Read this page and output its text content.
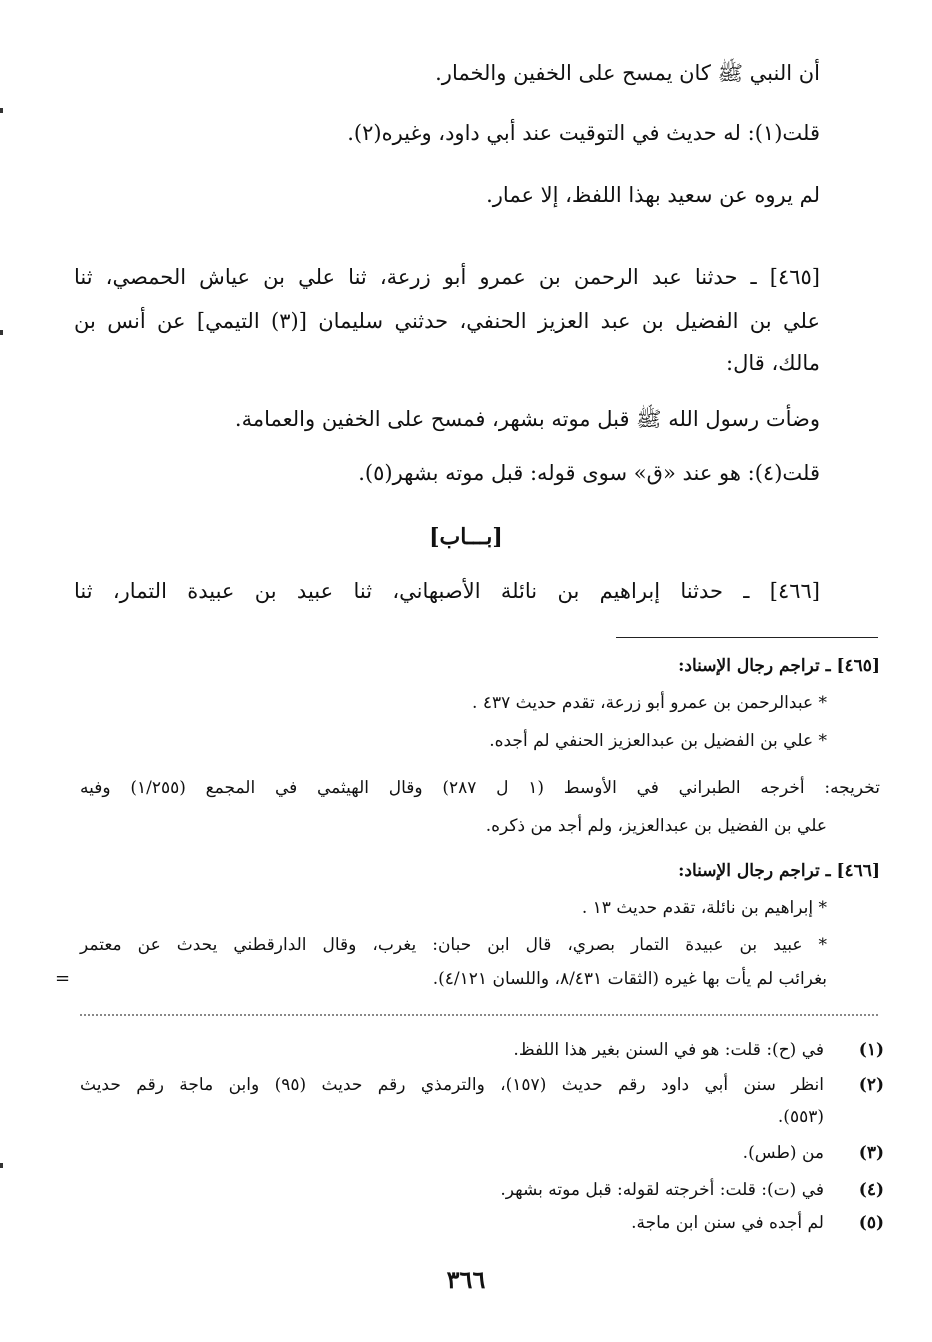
أن النبي ﷺ كان يمسح على الخفين والخمار.
قلت(١): له حديث في التوقيت عند أبي داود، وغيره(٢).
لم يروه عن سعيد بهذا اللفظ، إلا عمار.
[٤٦٥] ـ حدثنا عبد الرحمن بن عمرو أبو زرعة، ثنا علي بن عياش الحمصي، ثنا
علي بن الفضيل بن عبد العزيز الحنفي، حدثني سليمان [(٣) التيمي] عن أنس بن
مالك، قال:
وضأت رسول الله ﷺ قبل موته بشهر، فمسح على الخفين والعمامة.
قلت(٤): هو عند «ق» سوى قوله: قبل موته بشهر(٥).
[بـــاب]
[٤٦٦] ـ حدثنا إبراهيم بن نائلة الأصبهاني، ثنا عبيد بن عبيدة التمار، ثنا
[٤٦٥] ـ تراجم رجال الإسناد:
* عبدالرحمن بن عمرو أبو زرعة، تقدم حديث ٤٣٧ .
* علي بن الفضيل بن عبدالعزيز الحنفي لم أجده.
تخريجه: أخرجه الطبراني في الأوسط (١ ل ٢٨٧) وقال الهيثمي في المجمع (١/٢٥٥) وفيه
علي بن الفضيل بن عبدالعزيز، ولم أجد من ذكره.
[٤٦٦] ـ تراجم رجال الإسناد:
* إبراهيم بن نائلة، تقدم حديث ١٣ .
* عبيد بن عبيدة التمار بصري، قال ابن حبان: يغرب، وقال الدارقطني يحدث عن معتمر
بغرائب لم يأت بها غيره (الثقات ٨/٤٣١، واللسان ٤/١٢١).
=
(١)
في (ح): قلت: هو في السنن بغير هذا اللفظ.
(٢)
انظر سنن أبي داود رقم حديث (١٥٧)، والترمذي رقم حديث (٩٥) وابن ماجة رقم حديث
(٥٥٣).
(٣)
من (طس).
(٤)
في (ت): قلت: أخرجته لقوله: قبل موته بشهر.
(٥)
لم أجده في سنن ابن ماجة.
٣٦٦
